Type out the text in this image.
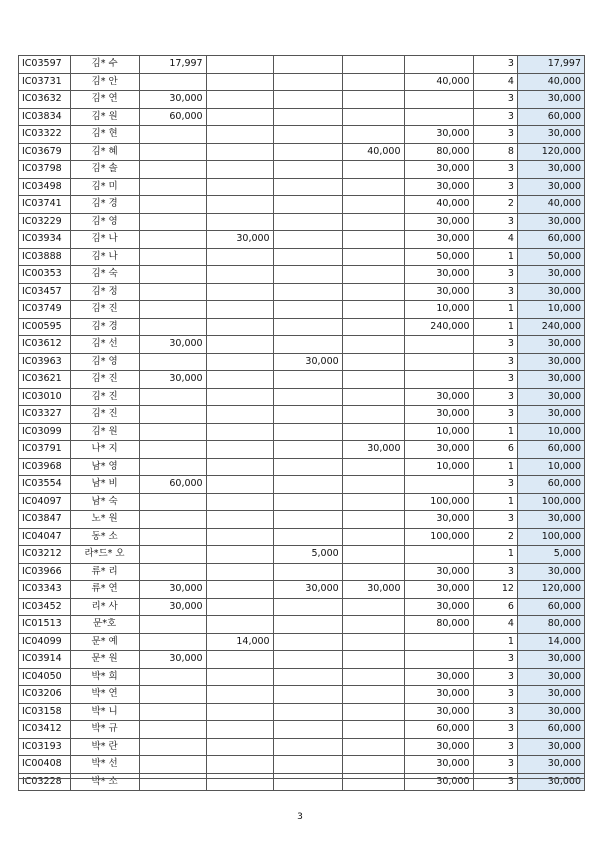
IC03597	김* 수	17,997					3	17,997
IC03731	김* 안					40,000	4	40,000
IC03632	김* 연	30,000					3	30,000
IC03834	김* 원	60,000					3	60,000
IC03322	김* 현					30,000	3	30,000
IC03679	김* 혜				40,000	80,000	8	120,000
IC03798	김* 솔					30,000	3	30,000
IC03498	김* 미					30,000	3	30,000
IC03741	김* 경					40,000	2	40,000
IC03229	김* 영					30,000	3	30,000
IC03934	김* 나		30,000			30,000	4	60,000
IC03888	김* 나					50,000	1	50,000
IC00353	김* 숙					30,000	3	30,000
IC03457	김* 정					30,000	3	30,000
IC03749	김* 진					10,000	1	10,000
IC00595	김* 경					240,000	1	240,000
IC03612	김* 선	30,000					3	30,000
IC03963	김* 영			30,000			3	30,000
IC03621	김* 진	30,000					3	30,000
IC03010	김* 진					30,000	3	30,000
IC03327	김* 진					30,000	3	30,000
IC03099	김* 원					10,000	1	10,000
IC03791	나* 지				30,000	30,000	6	60,000
IC03968	남* 영					10,000	1	10,000
IC03554	남* 비	60,000					3	60,000
IC04097	남* 숙					100,000	1	100,000
IC03847	노* 원					30,000	3	30,000
IC04047	동* 소					100,000	2	100,000
IC03212	라*드* 오			5,000			1	5,000
IC03966	류* 리					30,000	3	30,000
IC03343	류* 연	30,000		30,000	30,000	30,000	12	120,000
IC03452	리* 사	30,000				30,000	6	60,000
IC01513	문*호					80,000	4	80,000
IC04099	문* 예		14,000				1	14,000
IC03914	문* 원	30,000					3	30,000
IC04050	박* 희					30,000	3	30,000
IC03206	박* 연					30,000	3	30,000
IC03158	박* 니					30,000	3	30,000
IC03412	박* 규					60,000	3	60,000
IC03193	박* 란					30,000	3	30,000
IC00408	박* 선					30,000	3	30,000
IC03228	박* 소					30,000	3	30,000
3
